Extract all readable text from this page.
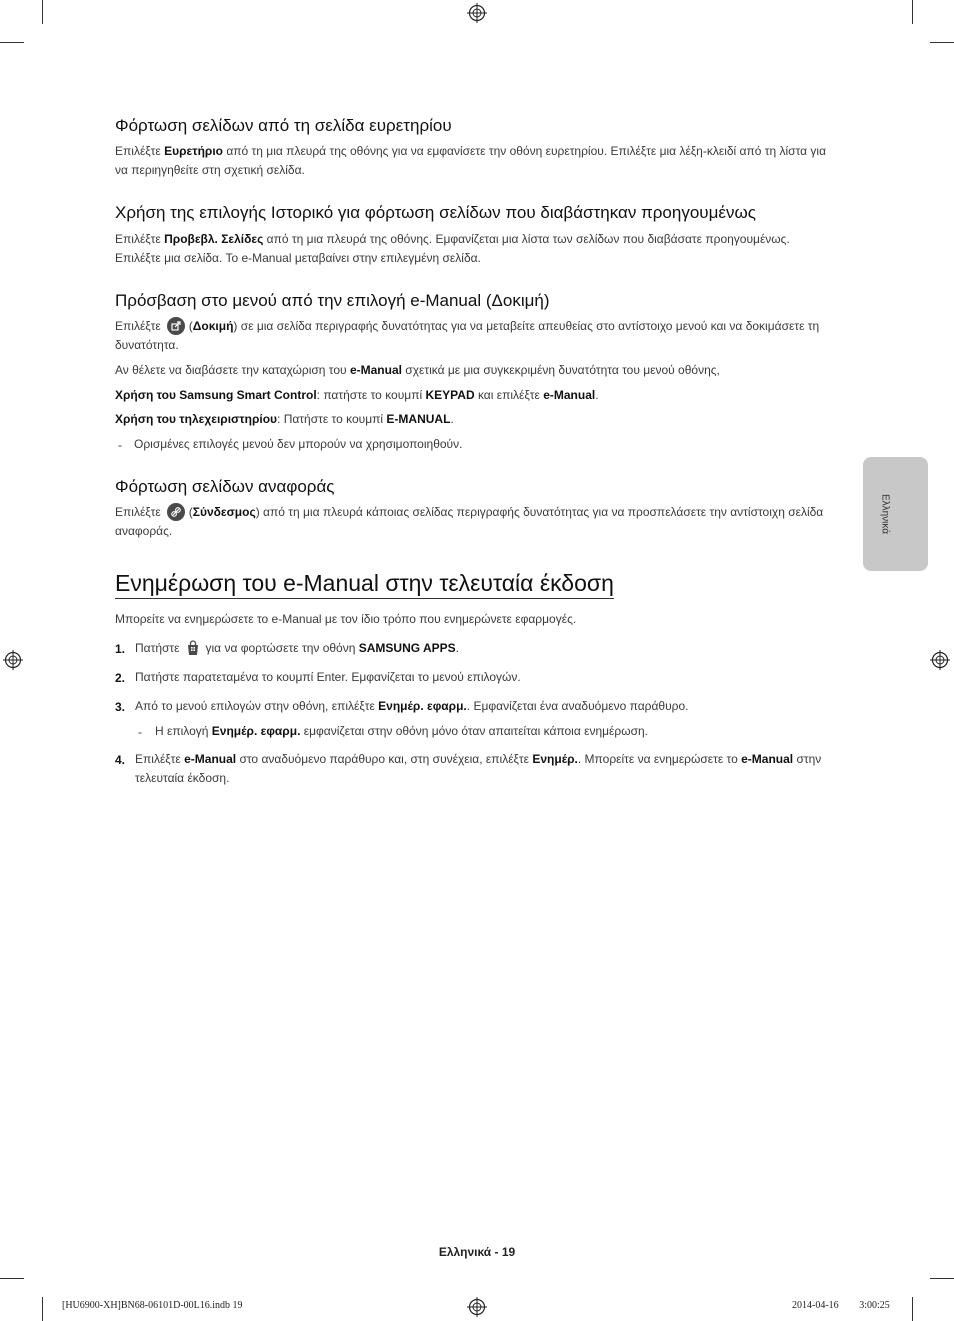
Φόρτωση σελίδων από τη σελίδα ευρετηρίου

Επιλέξτε Ευρετήριο από τη μια πλευρά της οθόνης για να εμφανίσετε την οθόνη ευρετηρίου. Επιλέξτε μια λέξη-κλειδί από τη λίστα για να περιηγηθείτε στη σχετική σελίδα.

Χρήση της επιλογής Ιστορικό για φόρτωση σελίδων που διαβάστηκαν προηγουμένως

Επιλέξτε Προβεβλ. Σελίδες από τη μια πλευρά της οθόνης. Εμφανίζεται μια λίστα των σελίδων που διαβάσατε προηγουμένως. Επιλέξτε μια σελίδα. Το e-Manual μεταβαίνει στην επιλεγμένη σελίδα.

Πρόσβαση στο μενού από την επιλογή e-Manual (Δοκιμή)

Επιλέξτε (Δοκιμή) σε μια σελίδα περιγραφής δυνατότητας για να μεταβείτε απευθείας στο αντίστοιχο μενού και να δοκιμάσετε τη δυνατότητα.

Αν θέλετε να διαβάσετε την καταχώριση του e-Manual σχετικά με μια συγκεκριμένη δυνατότητα του μενού οθόνης,

Χρήση του Samsung Smart Control: πατήστε το κουμπί KEYPAD και επιλέξτε e-Manual.

Χρήση του τηλεχειριστηρίου: Πατήστε το κουμπί E-MANUAL.

- Ορισμένες επιλογές μενού δεν μπορούν να χρησιμοποιηθούν.

Φόρτωση σελίδων αναφοράς

Επιλέξτε (Σύνδεσμος) από τη μια πλευρά κάποιας σελίδας περιγραφής δυνατότητας για να προσπελάσετε την αντίστοιχη σελίδα αναφοράς.

Ενημέρωση του e-Manual στην τελευταία έκδοση

Μπορείτε να ενημερώσετε το e-Manual με τον ίδιο τρόπο που ενημερώνετε εφαρμογές.

1. Πατήστε για να φορτώσετε την οθόνη SAMSUNG APPS.

2. Πατήστε παρατεταμένα το κουμπί Enter. Εμφανίζεται το μενού επιλογών.

3. Από το μενού επιλογών στην οθόνη, επιλέξτε Ενημέρ. εφαρμ.. Εμφανίζεται ένα αναδυόμενο παράθυρο.

- Η επιλογή Ενημέρ. εφαρμ. εμφανίζεται στην οθόνη μόνο όταν απαιτείται κάποια ενημέρωση.

4. Επιλέξτε e-Manual στο αναδυόμενο παράθυρο και, στη συνέχεια, επιλέξτε Ενημέρ.. Μπορείτε να ενημερώσετε το e-Manual στην τελευταία έκδοση.

Ελληνικά
Ελληνικά - 19
[HU6900-XH]BN68-06101D-00L16.indb 19	2014-04-16 ￿￿ 3:00:25
